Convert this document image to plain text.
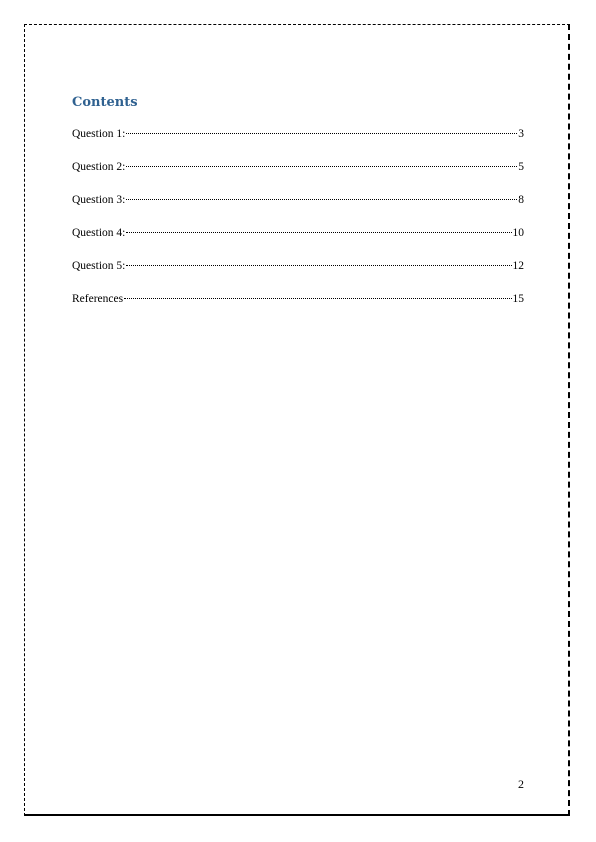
Contents
Question 1:	3
Question 2:	5
Question 3:	8
Question 4:	10
Question 5:	12
References	15
2
